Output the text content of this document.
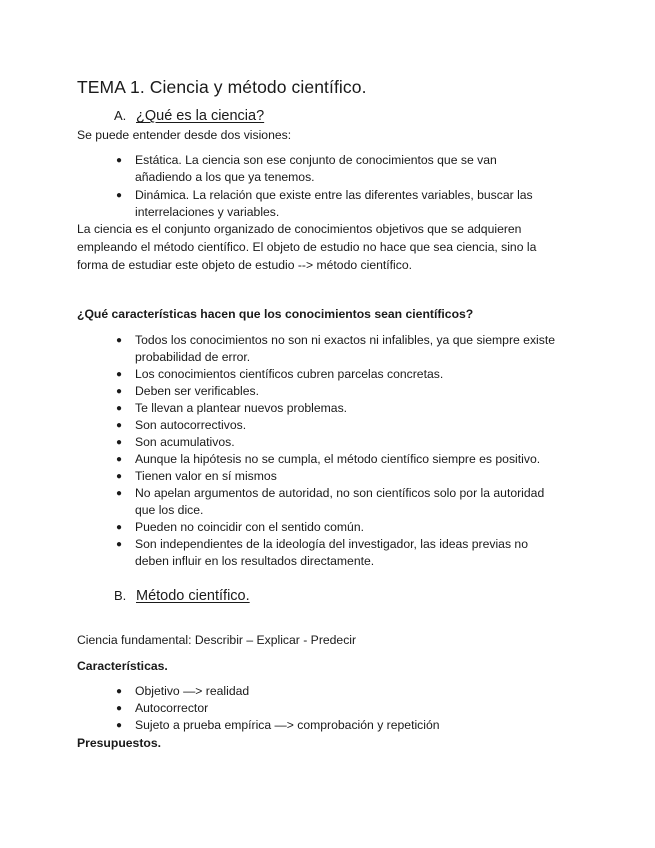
TEMA 1. Ciencia y método científico.
A. ¿Qué es la ciencia?
Se puede entender desde dos visiones:
●	Estática. La ciencia son ese conjunto de conocimientos que se van
añadiendo a los que ya tenemos.
●	Dinámica. La relación que existe entre las diferentes variables, buscar las
interrelaciones y variables.
La ciencia es el conjunto organizado de conocimientos objetivos que se adquieren
empleando el método científico. El objeto de estudio no hace que sea ciencia, sino la
forma de estudiar este objeto de estudio --> método científico.
¿Qué características hacen que los conocimientos sean científicos?
●	Todos los conocimientos no son ni exactos ni infalibles, ya que siempre existe
probabilidad de error.
●	Los conocimientos científicos cubren parcelas concretas.
●	Deben ser verificables.
●	Te llevan a plantear nuevos problemas.
●	Son autocorrectivos.
●	Son acumulativos.
●	Aunque la hipótesis no se cumpla, el método científico siempre es positivo.
●	Tienen valor en sí mismos
●	No apelan argumentos de autoridad, no son científicos solo por la autoridad
que los dice.
●	Pueden no coincidir con el sentido común.
●	Son independientes de la ideología del investigador, las ideas previas no
deben influir en los resultados directamente.
B. Método científico.
Ciencia fundamental: Describir – Explicar - Predecir
Características.
●	Objetivo —> realidad
●	Autocorrector
●	Sujeto a prueba empírica —> comprobación y repetición
Presupuestos.
